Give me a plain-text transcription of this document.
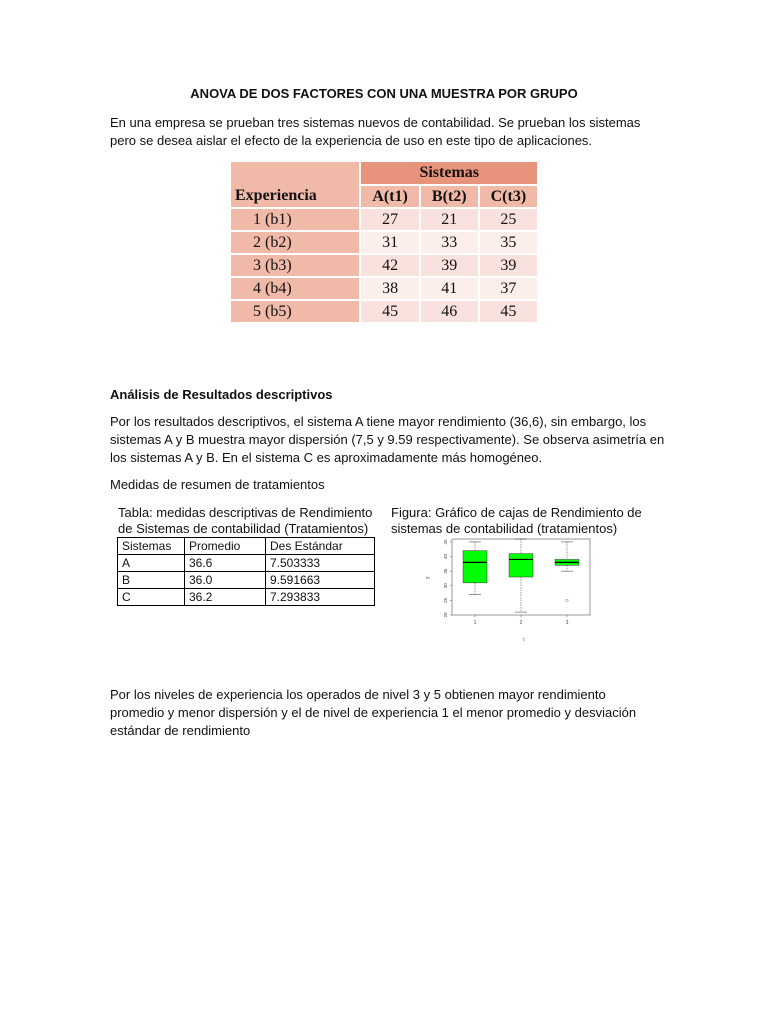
ANOVA DE DOS FACTORES CON UNA MUESTRA POR GRUPO
En una empresa se prueban tres sistemas nuevos de contabilidad. Se prueban los sistemas
pero se desea aislar el efecto de la experiencia de uso en este tipo de aplicaciones.
Experiencia	Sistemas		
	A(t1)	B(t2)	C(t3)
1 (b1)	27	21	25
2 (b2)	31	33	35
3 (b3)	42	39	39
4 (b4)	38	41	37
5 (b5)	45	46	45
Análisis de Resultados descriptivos
Por los resultados descriptivos, el sistema A tiene mayor rendimiento (36,6), sin embargo, los
sistemas A y B muestra mayor dispersión (7,5 y 9.59 respectivamente). Se observa asimetría en
los sistemas A y B. En el sistema C es aproximadamente más homogéneo.
Medidas de resumen de tratamientos
Tabla: medidas descriptivas de Rendimiento
de Sistemas de contabilidad (Tratamientos)
Sistemas	Promedio	Des Estándar
A	36.6	7.503333
B	36.0	9.591663
C	36.2	7.293833
Figura: Gráfico de cajas de Rendimiento de
sistemas de contabilidad (tratamientos)
20
25
30
35
40
45
1	2	3
y
t
Por los niveles de experiencia los operados de nivel 3 y 5 obtienen mayor rendimiento
promedio y menor dispersión y el de nivel de experiencia 1 el menor promedio y desviación
estándar de rendimiento
